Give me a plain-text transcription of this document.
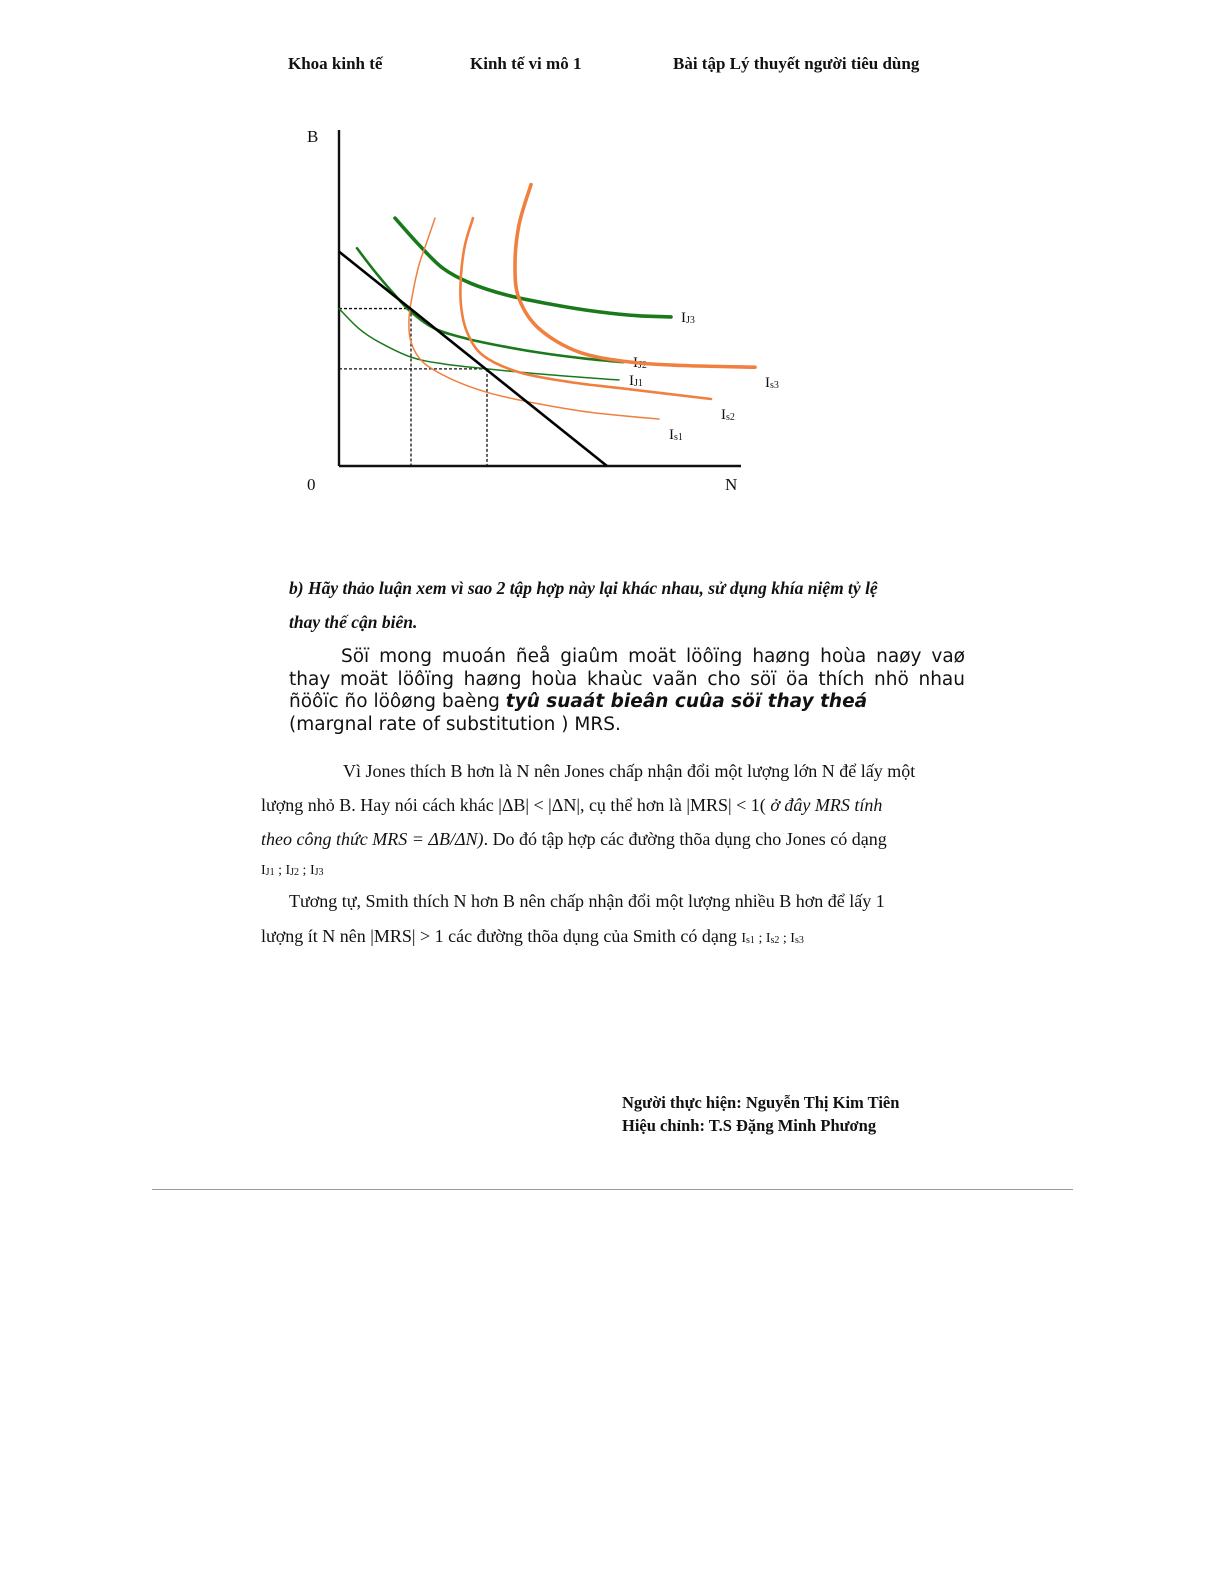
Khoa kinh tế	Kinh tế vi mô 1	Bài tập Lý thuyết người tiêu dùng
IJ1
IJ2
IJ3
Is1
Is2
Is3
B
0	N
b) Hãy thảo luận xem vì sao 2 tập hợp này lại khác nhau, sử dụng khía niệm tỷ lệ
thay thế cận biên.
Söï mong muoán ñeå giaûm moät löôïng haøng hoùa naøy vaø thay moät löôïng haøng hoùa khaùc vaãn cho söï öa thích nhö nhau ñöôïc ño löôøng baèng tyû suaát bieân cuûa söï thay theá
(margnal rate of substitution ) MRS.
Vì Jones thích B hơn là N nên Jones chấp nhận đổi một lượng lớn N để lấy một
lượng nhỏ B. Hay nói cách khác |ΔB| < |ΔN|, cụ thể hơn là |MRS| < 1( ở đây MRS tính
theo công thức MRS = ΔB/ΔN). Do đó tập hợp các đường thõa dụng cho Jones có dạng
IJ1 ; IJ2 ; IJ3
Tương tự, Smith thích N hơn B nên chấp nhận đổi một lượng nhiều B hơn để lấy 1
lượng ít N nên |MRS| > 1 các đường thõa dụng của Smith có dạng Is1 ; Is2 ; Is3
Người thực hiện: Nguyễn Thị Kim Tiên
Hiệu chỉnh: T.S Đặng Minh Phương
